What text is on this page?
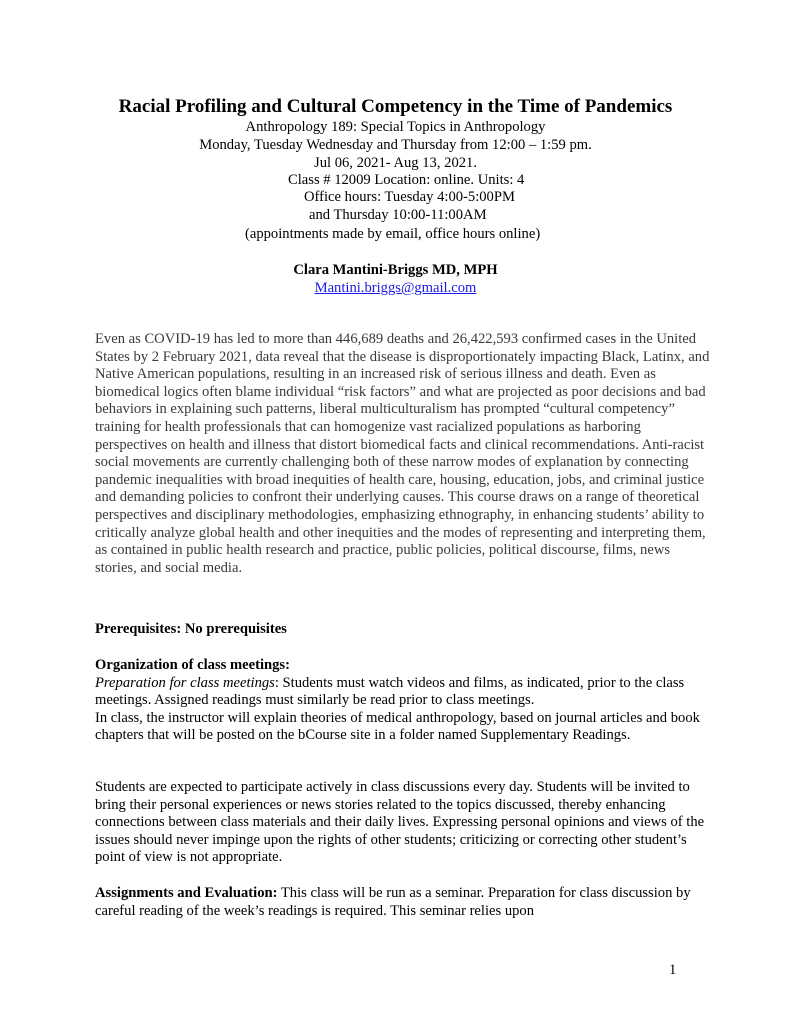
Racial Profiling and Cultural Competency in the Time of Pandemics
Anthropology 189: Special Topics in Anthropology
Monday, Tuesday Wednesday and Thursday from 12:00 – 1:59 pm.
Jul 06, 2021- Aug 13, 2021.
Class # 12009 Location: online. Units: 4
Office hours: Tuesday 4:00-5:00PM
and Thursday 10:00-11:00AM
(appointments made by email, office hours online)
Clara Mantini-Briggs MD, MPH
Mantini.briggs@gmail.com
Even as COVID-19 has led to more than 446,689 deaths and 26,422,593 confirmed cases in the United States by 2 February 2021, data reveal that the disease is disproportionately impacting Black, Latinx, and Native American populations, resulting in an increased risk of serious illness and death. Even as biomedical logics often blame individual “risk factors” and what are projected as poor decisions and bad behaviors in explaining such patterns, liberal multiculturalism has prompted “cultural competency” training for health professionals that can homogenize vast racialized populations as harboring perspectives on health and illness that distort biomedical facts and clinical recommendations. Anti-racist social movements are currently challenging both of these narrow modes of explanation by connecting pandemic inequalities with broad inequities of health care, housing, education, jobs, and criminal justice and demanding policies to confront their underlying causes. This course draws on a range of theoretical perspectives and disciplinary methodologies, emphasizing ethnography, in enhancing students’ ability to critically analyze global health and other inequities and the modes of representing and interpreting them, as contained in public health research and practice, public policies, political discourse, films, news stories, and social media.
Prerequisites: No prerequisites
Organization of class meetings:
Preparation for class meetings: Students must watch videos and films, as indicated, prior to the class meetings. Assigned readings must similarly be read prior to class meetings.
In class, the instructor will explain theories of medical anthropology, based on journal articles and book chapters that will be posted on the bCourse site in a folder named Supplementary Readings.
Students are expected to participate actively in class discussions every day. Students will be invited to bring their personal experiences or news stories related to the topics discussed, thereby enhancing connections between class materials and their daily lives. Expressing personal opinions and views of the issues should never impinge upon the rights of other students; criticizing or correcting other student’s point of view is not appropriate.
Assignments and Evaluation: This class will be run as a seminar. Preparation for class discussion by careful reading of the week’s readings is required. This seminar relies upon
1
